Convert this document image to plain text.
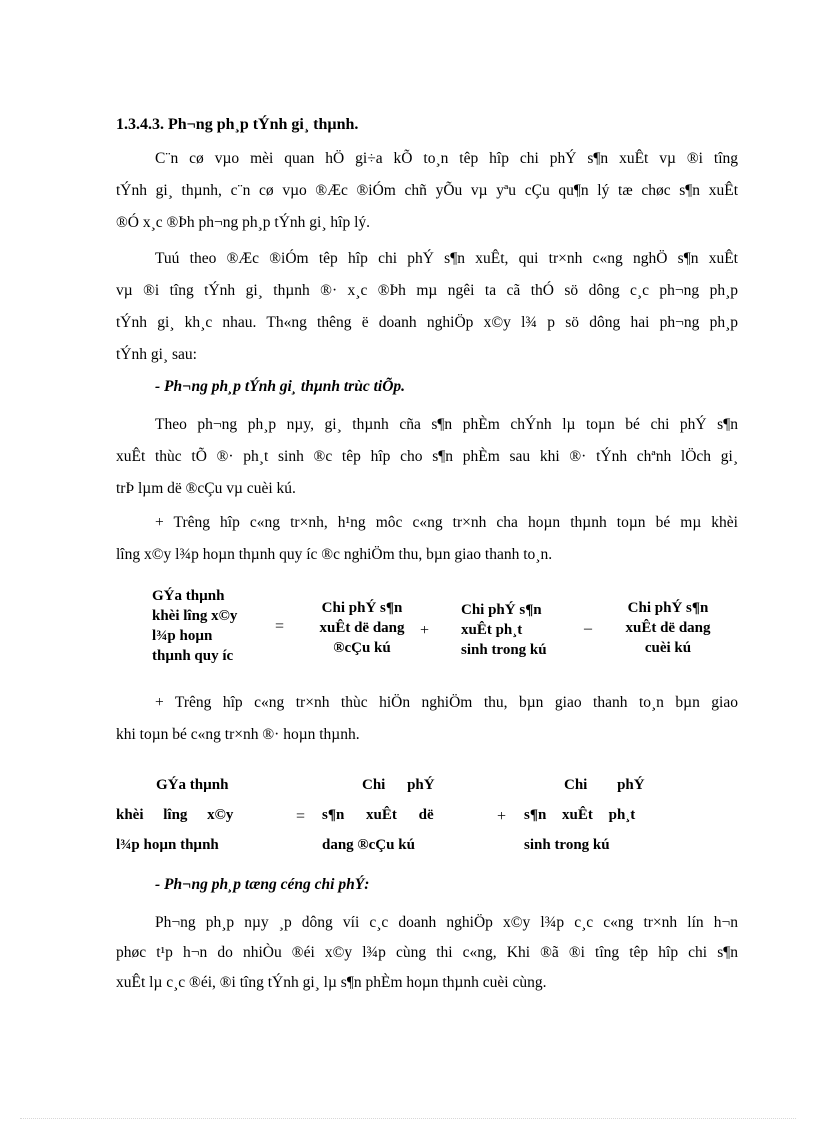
1.3.4.3. Ph¬ng ph¸p tÝnh gi¸ thµnh.
C¨n cø vµo mèi quan hÖ gi÷a kÕ to¸n têp hîp chi phÝ s¶n xuÊt vµ ®i tîng
tÝnh gi¸ thµnh, c¨n cø vµo ®Æc ®iÓm chñ yÕu vµ yªu cÇu qu¶n lý tæ chøc s¶n xuÊt
®Ó x¸c ®Þh ph¬ng ph¸p tÝnh gi¸ hîp lý.
Tuú theo ®Æc ®iÓm têp hîp chi phÝ s¶n xuÊt, qui tr×nh c«ng nghÖ s¶n xuÊt
vµ ®i tîng tÝnh gi¸ thµnh ®· x¸c ®Þh mµ ngêi ta cã thÓ sö dông c¸c ph¬ng ph¸p
tÝnh gi¸ kh¸c nhau. Th«ng thêng ë doanh nghiÖp x©y l¾ p sö dông hai ph¬ng ph¸p
tÝnh gi¸ sau:
- Ph¬ng ph¸p tÝnh gi¸ thµnh trùc tiÕp.
Theo ph¬ng ph¸p nµy, gi¸ thµnh cña s¶n phÈm chÝnh lµ toµn bé chi phÝ s¶n
xuÊt thùc tÕ ®· ph¸t sinh ®c têp hîp cho s¶n phÈm sau khi ®· tÝnh chªnh lÖch gi¸
trÞ lµm dë ®cÇu vµ cuèi kú.
+ Trêng hîp c«ng tr×nh, h¹ng môc c«ng tr×nh cha hoµn thµnh toµn bé mµ khèi
lîng x©y l¾p hoµn thµnh quy íc ®c nghiÖm thu, bµn giao thanh to¸n.
GÝa thµnh
khèi lîng x©y
l¾p hoµn
thµnh quy íc
=
Chi phÝ s¶n
xuÊt dë dang
®cÇu kú
+
Chi phÝ s¶n
xuÊt ph¸t
sinh trong kú
–
Chi phÝ s¶n
xuÊt dë dang
cuèi kú
+ Trêng hîp c«ng tr×nh thùc hiÖn nghiÖm thu, bµn giao thanh to¸n bµn giao
khi toµn bé c«ng tr×nh ®· hoµn thµnh.
GÝa thµnh
khèi lîng x©y
l¾p hoµn thµnh
=
Chi phÝ
s¶n xuÊt dë
dang ®cÇu kú
+
Chi phÝ
s¶n xuÊt ph¸t
sinh trong kú
- Ph¬ng ph¸p tæng céng chi phÝ:
Ph¬ng ph¸p nµy ¸p dông víi c¸c doanh nghiÖp x©y l¾p c¸c c«ng tr×nh lín h¬n
phøc t¹p h¬n do nhiÒu ®éi x©y l¾p cùng thi c«ng, Khi ®ã ®i tîng têp hîp chi s¶n
xuÊt lµ c¸c ®éi, ®i tîng tÝnh gi¸ lµ s¶n phÈm hoµn thµnh cuèi cùng.
